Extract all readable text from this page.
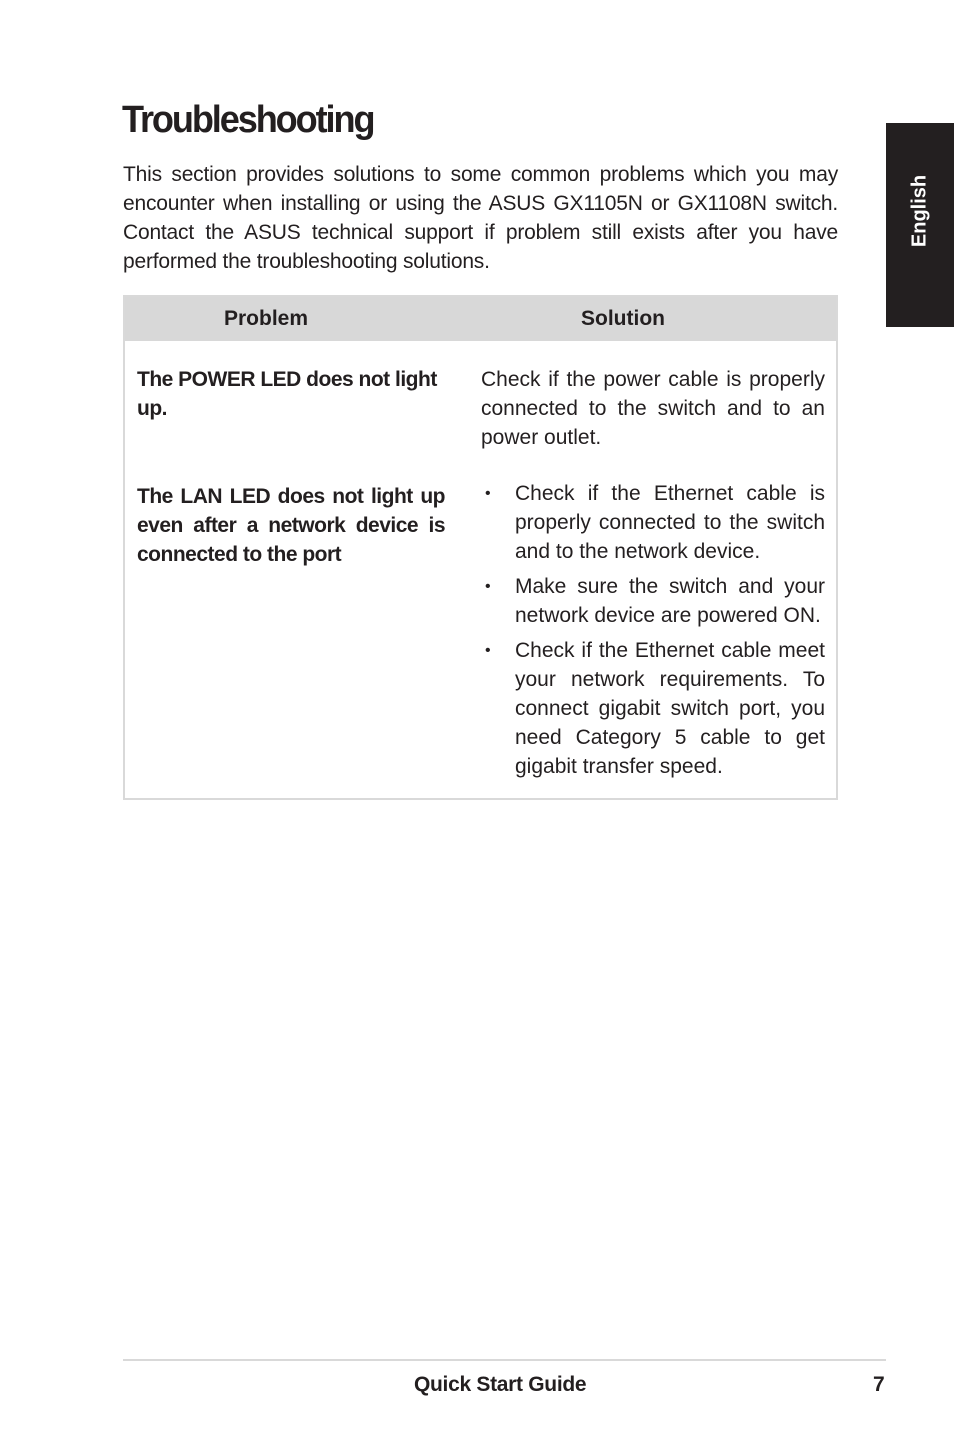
Troubleshooting

This section provides solutions to some common problems which you may encounter when installing or using the ASUS GX1105N or GX1108N switch. Contact the ASUS technical support if problem still exists after you have performed the troubleshooting solutions.

English
Problem	Solution

The POWER LED does not light up.

Check if the power cable is properly connected to the switch and to an power outlet.

The LAN LED does not light up even after a network device is connected to the port

• Check if the Ethernet cable is properly connected to the switch and to the network device.
• Make sure the switch and your network device are powered ON.
• Check if the Ethernet cable meet your network requirements. To connect gigabit switch port, you need Category 5 cable to get gigabit transfer speed.
Quick Start Guide	7
